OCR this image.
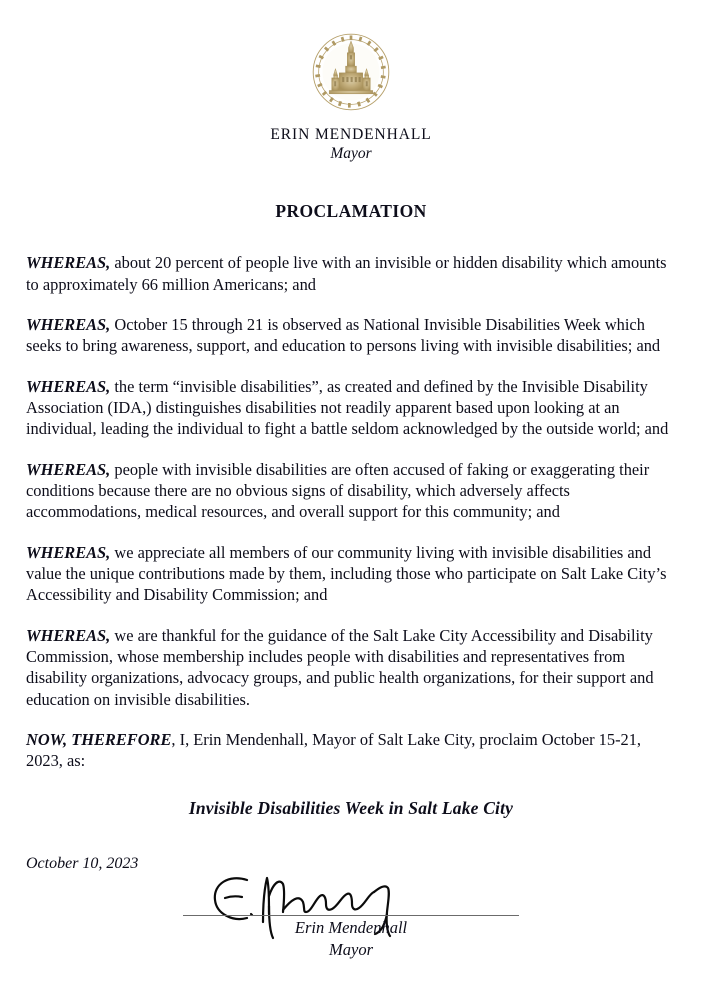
ERIN MENDENHALL
Mayor
PROCLAMATION

WHEREAS, about 20 percent of people live with an invisible or hidden disability which amounts to approximately 66 million Americans; and

WHEREAS, October 15 through 21 is observed as National Invisible Disabilities Week which seeks to bring awareness, support, and education to persons living with invisible disabilities; and

WHEREAS, the term “invisible disabilities”, as created and defined by the Invisible Disability Association (IDA,) distinguishes disabilities not readily apparent based upon looking at an individual, leading the individual to fight a battle seldom acknowledged by the outside world; and

WHEREAS, people with invisible disabilities are often accused of faking or exaggerating their conditions because there are no obvious signs of disability, which adversely affects accommodations, medical resources, and overall support for this community; and

WHEREAS, we appreciate all members of our community living with invisible disabilities and value the unique contributions made by them, including those who participate on Salt Lake City’s Accessibility and Disability Commission; and

WHEREAS, we are thankful for the guidance of the Salt Lake City Accessibility and Disability Commission, whose membership includes people with disabilities and representatives from disability organizations, advocacy groups, and public health organizations, for their support and education on invisible disabilities.

NOW, THEREFORE, I, Erin Mendenhall, Mayor of Salt Lake City, proclaim October 15-21, 2023, as:

Invisible Disabilities Week in Salt Lake City
October 10, 2023
Erin Mendenhall
Mayor
